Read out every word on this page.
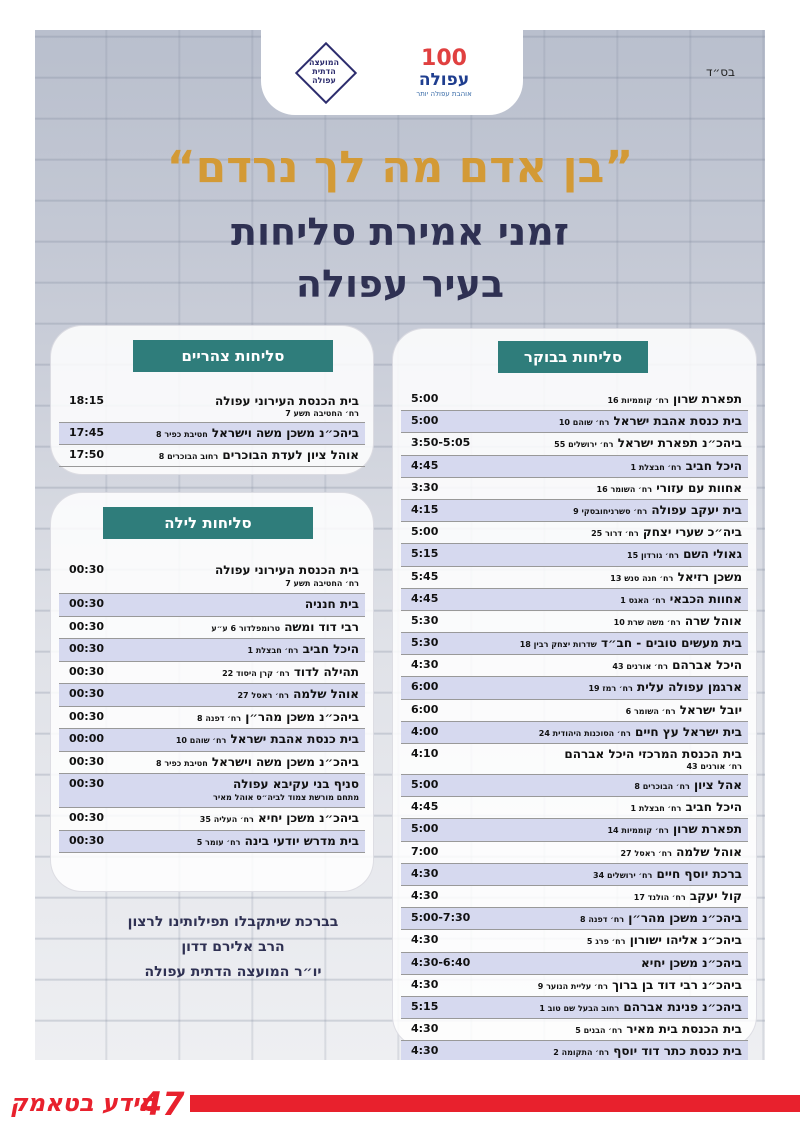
המועצה הדתית עפולה
100
עפולה
אוהבת עפולה יותר
בס״ד
”בן אדם מה לך נרדם“
זמני אמירת סליחות
בעיר עפולה
סליחות בבוקר
תפארת שרון רח׳ קוממיות 16
5:00
בית כנסת אהבת ישראל רח׳ שוהם 10
5:00
ביהכ״נ תפארת ישראל רח׳ ירושלים 55
3:50-5:05
היכל חביב רח׳ חבצלת 1
4:45
אחוות עם עזורי רח׳ השומר 16
3:30
בית יעקב עפולה רח׳ סשרניחובסקי 9
4:15
ביה״כ שערי יצחק רח׳ דרור 25
5:00
גאולי השם רח׳ גורדון 15
5:15
משכן רזיאל רח׳ חנה סנש 13
5:45
אחוות הכבאי רח׳ האגס 1
4:45
אוהל שרה רח׳ משה שרת 10
5:30
בית מעשים טובים - חב״ד שדרות יצחק רבין 18
5:30
היכל אברהם רח׳ אורנים 43
4:30
ארגמן עפולה עלית רח׳ רמז 19
6:00
יובל ישראל רח׳ השומר 6
6:00
בית ישראל עץ חיים רח׳ הסוכנות היהודית 24
4:00
בית הכנסת המרכזי היכל אברהם
רח׳ אורנים 43
4:10
אהל ציון רח׳ הבוכרים 8
5:00
היכל חביב רח׳ חבצלת 1
4:45
תפארת שרון רח׳ קוממיות 14
5:00
אוהל שלמה רח׳ ראסל 27
7:00
ברכת יוסף חיים רח׳ ירושלים 34
4:30
קול יעקב רח׳ הולנד 17
4:30
ביהכ״נ משכן מהר״ן רח׳ דפנה 8
5:00-7:30
ביהכ״נ אליהו ישורון רח׳ פרג 5
4:30
ביהכ״נ משכן יחיא
4:30-6:40
ביהכ״נ רבי דוד בן ברוך רח׳ עליית הנוער 9
4:30
ביהכ״נ פנינת אברהם רחוב הבעל שם טוב 1
5:15
בית הכנסת בית מאיר רח׳ הבנים 5
4:30
בית כנסת כתר דוד יוסף רח׳ התקומה 2
4:30
סליחות צהריים
בית הכנסת העירוני עפולה
רח׳ החטיבה תשע 7
18:15
ביהכ״נ משכן משה וישראל חטיבת כפיר 8
17:45
אוהל ציון לעדת הבוכרים רחוב הבוכרים 8
17:50
סליחות לילה
בית הכנסת העירוני עפולה
רח׳ החטיבה תשע 7
00:30
בית חנניה
00:30
רבי דוד ומשה טרומפלדור 6 ע״ע
00:30
היכל חביב רח׳ חבצלת 1
00:30
תהילה לדוד רח׳ קרן היסוד 22
00:30
אוהל שלמה רח׳ ראסל 27
00:30
ביהכ״נ משכן מהר״ן רח׳ דפנה 8
00:30
בית כנסת אהבת ישראל רח׳ שוהם 10
00:00
ביהכ״נ משכן משה וישראל חטיבת כפיר 8
00:30
סניף בני עקיבא עפולה
מתחם מורשת צמוד לביה״ס אוהל מאיר
00:30
ביהכ״נ משכן יחיא רח׳ העליה 35
00:30
בית מדרש יודעי בינה רח׳ עומר 5
00:30
בברכת שיתקבלו תפילותינו לרצון
הרב אלירם דדון
יו״ר המועצה הדתית עפולה
47
מידע בטאמק
